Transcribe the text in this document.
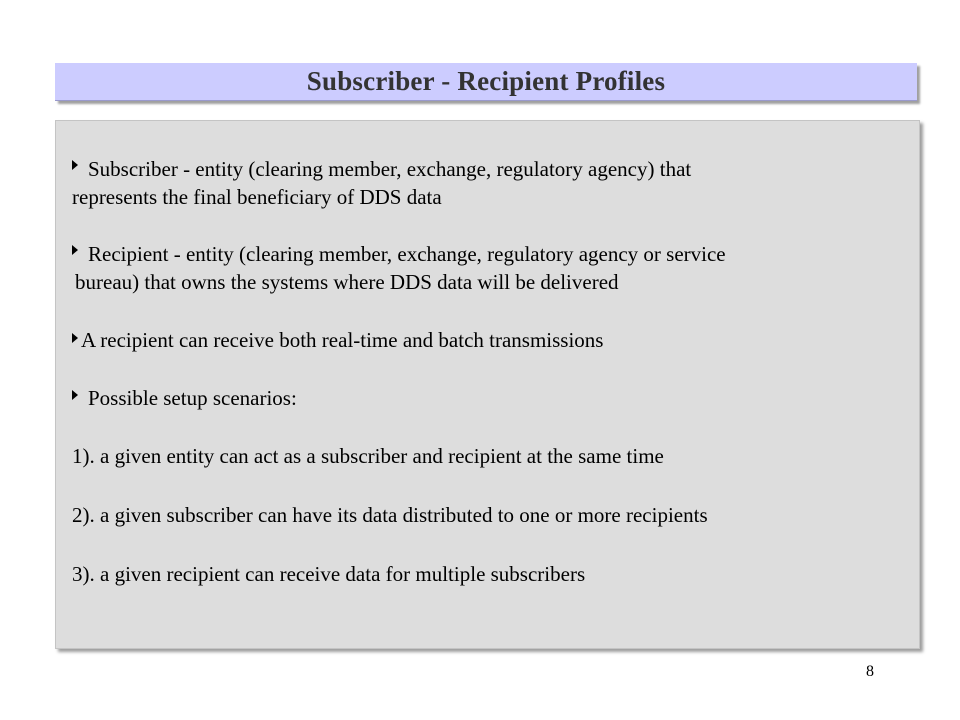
Subscriber - Recipient Profiles
Subscriber - entity (clearing member, exchange, regulatory agency) that
represents the final beneficiary of DDS data
Recipient - entity (clearing member, exchange, regulatory agency or service
bureau) that owns the systems where DDS data will be delivered
A recipient can receive both real-time and batch transmissions
Possible setup scenarios:
1). a given entity can act as a subscriber and recipient at the same time
2). a given subscriber can have its data distributed to one or more recipients
3). a given recipient can receive data for multiple subscribers
8
